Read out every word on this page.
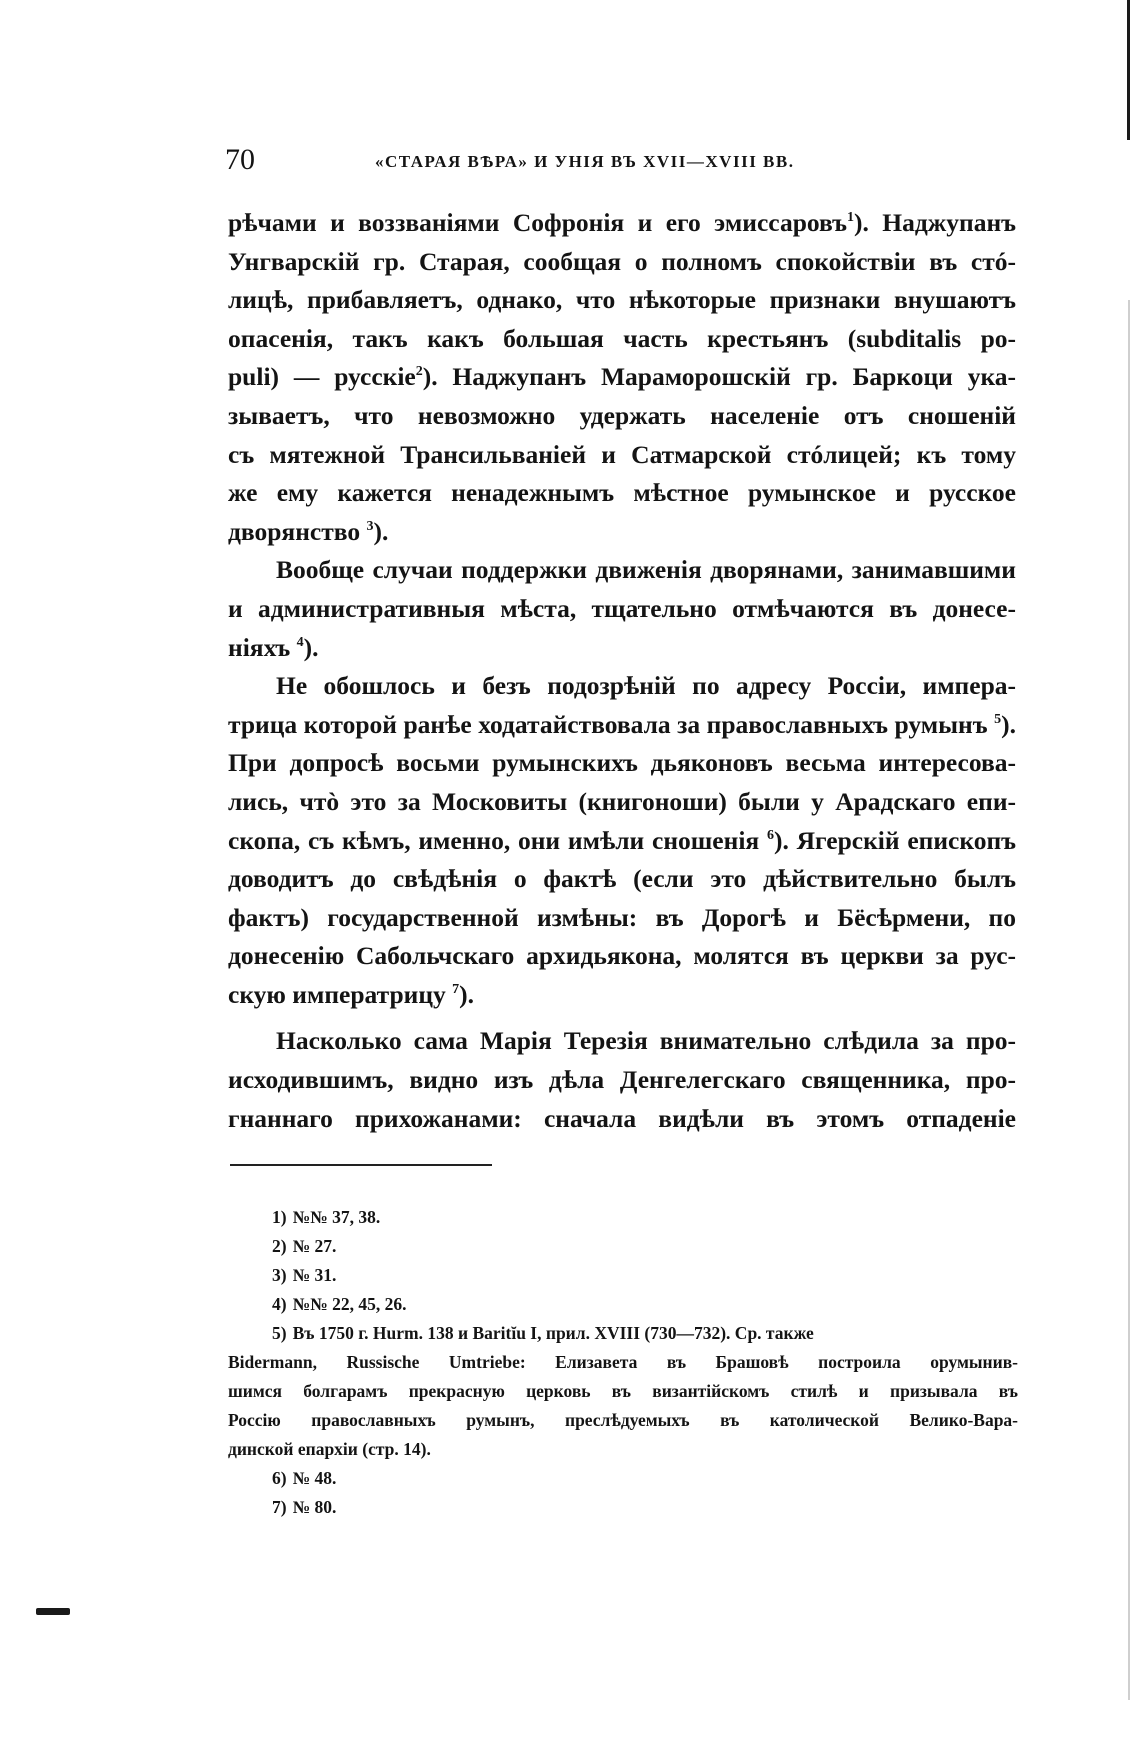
70	«СТАРАЯ ВѢРА» И УНІЯ ВЪ XVII—XVIII ВВ.
рѣчами и воззваніями Софронія и его эмиссаровъ$^1$). Наджупанъ
Унгварскій гр. Старая, сообщая о полномъ спокойствіи въ стó-
лицѣ, прибавляетъ, однако, что нѣкоторые признаки внушаютъ
опасенія, такъ какъ большая часть крестьянъ (subditalis po-
puli) — русскіе$^2$). Наджупанъ Мараморошскій гр. Баркоци ука-
зываетъ, что невозможно удержать населеніе отъ сношеній
съ мятежной Трансильваніей и Сатмарской стóлицей; къ тому
же ему кажется ненадежнымъ мѣстное румынское и русское
дворянство $^3$).
Вообще случаи поддержки движенія дворянами, занимавшими
и административныя мѣста, тщательно отмѣчаются въ донесе-
ніяхъ $^4$).
Не обошлось и безъ подозрѣній по адресу Россіи, импера-
трица которой ранѣе ходатайствовала за православныхъ румынъ $^5$).
При допросѣ восьми румынскихъ дьяконовъ весьма интересова-
лись, чтò это за Московиты (книгоноши) были у Арадскаго епи-
скопа, съ кѣмъ, именно, они имѣли сношенія $^6$). Ягерскій епископъ
доводитъ до свѣдѣнія о фактѣ (если это дѣйствительно былъ
фактъ) государственной измѣны: въ Дорогѣ и Бёсѣрмени, по
донесенію Сабольчскаго архидьякона, молятся въ церкви за рус-
скую императрицу $^7$).
Насколько сама Марія Терезія внимательно слѣдила за про-
исходившимъ, видно изъ дѣла Денгелегскаго священника, про-
гнаннаго прихожанами: сначала видѣли въ этомъ отпаденіе
1) №№ 37, 38.
2) № 27.
3) № 31.
4) №№ 22, 45, 26.
5) Въ 1750 г. Hurm. 138 и Baritĭu I, прил. XVIII (730—732). Ср. также
Bidermann, Russische Umtriebe: Елизавета въ Брашовѣ построила орумынив-
шимся болгарамъ прекрасную церковь въ византійскомъ стилѣ и призывала въ
Россію православныхъ румынъ, преслѣдуемыхъ въ католической Велико-Вара-
динской епархіи (стр. 14).
6) № 48.
7) № 80.
